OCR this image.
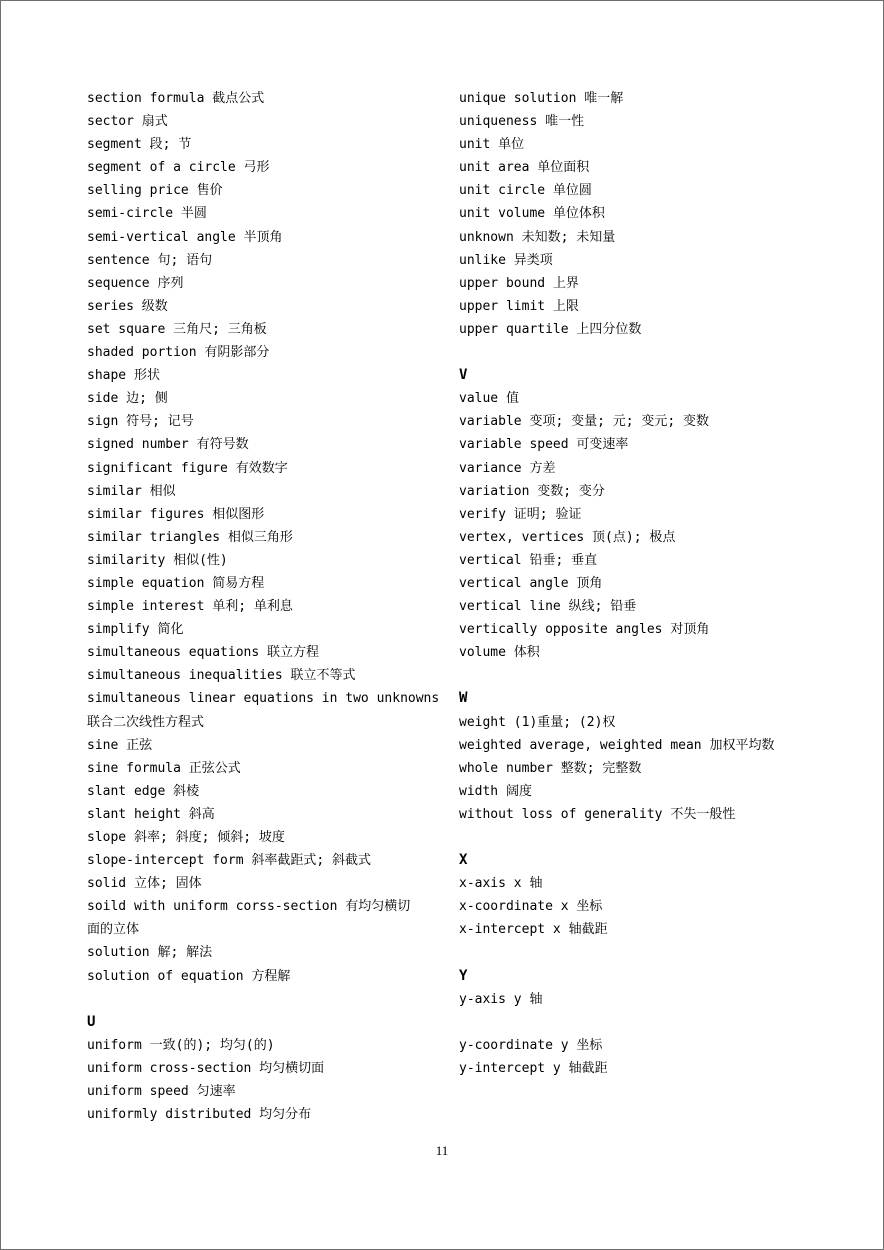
section formula 截点公式
sector 扇式
segment 段; 节
segment of a circle 弓形
selling price 售价
semi-circle 半圆
semi-vertical angle 半顶角
sentence 句; 语句
sequence 序列
series 级数
set square 三角尺; 三角板
shaded portion 有阴影部分
shape 形状
side 边; 侧
sign 符号; 记号
signed number 有符号数
significant figure 有效数字
similar 相似
similar figures 相似图形
similar triangles 相似三角形
similarity 相似(性)
simple equation 简易方程
simple interest 单利; 单利息
simplify 简化
simultaneous equations 联立方程
simultaneous inequalities 联立不等式
simultaneous linear equations in two unknowns
联合二次线性方程式
sine 正弦
sine formula 正弦公式
slant edge 斜棱
slant height 斜高
slope 斜率; 斜度; 倾斜; 坡度
slope-intercept form 斜率截距式; 斜截式
solid 立体; 固体
soild with uniform corss-section 有均匀横切
面的立体
solution 解; 解法
solution of equation 方程解
U
uniform 一致(的); 均匀(的)
uniform cross-section 均匀横切面
uniform speed 匀速率
uniformly distributed 均匀分布
unique solution 唯一解
uniqueness 唯一性
unit 单位
unit area 单位面积
unit circle 单位圆
unit volume 单位体积
unknown 未知数; 未知量
unlike 异类项
upper bound 上界
upper limit 上限
upper quartile 上四分位数
V
value 值
variable 变项; 变量; 元; 变元; 变数
variable speed 可变速率
variance 方差
variation 变数; 变分
verify 证明; 验证
vertex, vertices 顶(点); 极点
vertical 铅垂; 垂直
vertical angle 顶角
vertical line 纵线; 铅垂
vertically opposite angles 对顶角
volume 体积
W
weight (1)重量; (2)权
weighted average, weighted mean 加权平均数
whole number 整数; 完整数
width 阔度
without loss of generality 不失一般性
X
x-axis x 轴
x-coordinate x 坐标
x-intercept x 轴截距
Y
y-axis y 轴
y-coordinate y 坐标
y-intercept y 轴截距
11
